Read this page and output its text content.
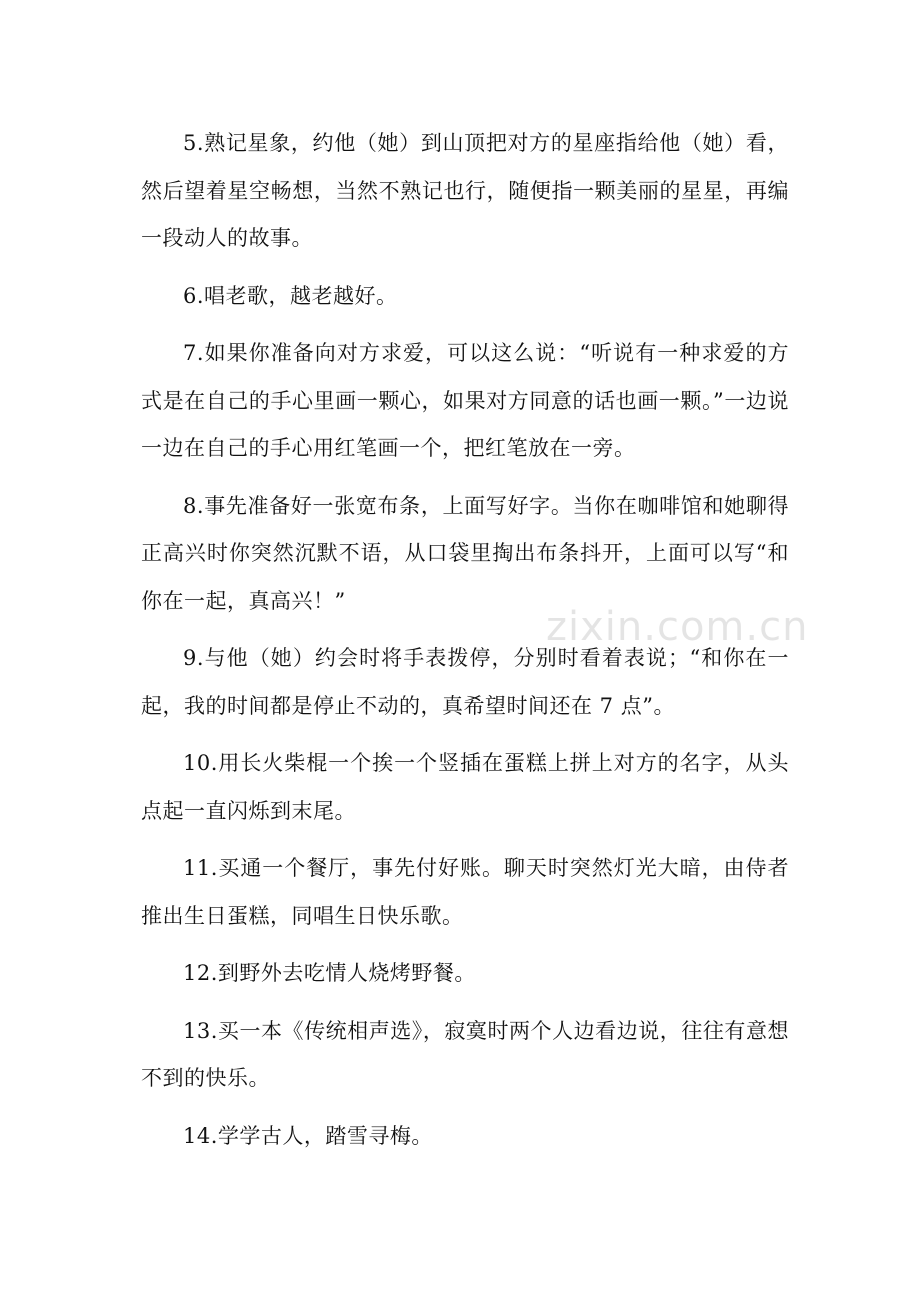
5.熟记星象，约他（她）到山顶把对方的星座指给他（她）看，然后望着星空畅想，当然不熟记也行，随便指一颗美丽的星星，再编一段动人的故事。

6.唱老歌，越老越好。

7.如果你准备向对方求爱，可以这么说：“听说有一种求爱的方式是在自己的手心里画一颗心，如果对方同意的话也画一颗。”一边说一边在自己的手心用红笔画一个，把红笔放在一旁。

8.事先准备好一张宽布条，上面写好字。当你在咖啡馆和她聊得正高兴时你突然沉默不语，从口袋里掏出布条抖开，上面可以写“和你在一起，真高兴！”

9.与他（她）约会时将手表拨停，分别时看着表说；“和你在一起，我的时间都是停止不动的，真希望时间还在 7 点”。

10.用长火柴棍一个挨一个竖插在蛋糕上拼上对方的名字，从头点起一直闪烁到末尾。

11.买通一个餐厅，事先付好账。聊天时突然灯光大暗，由侍者推出生日蛋糕，同唱生日快乐歌。

12.到野外去吃情人烧烤野餐。

13.买一本《传统相声选》，寂寞时两个人边看边说，往往有意想不到的快乐。

14.学学古人，踏雪寻梅。

zixin.com.cn
